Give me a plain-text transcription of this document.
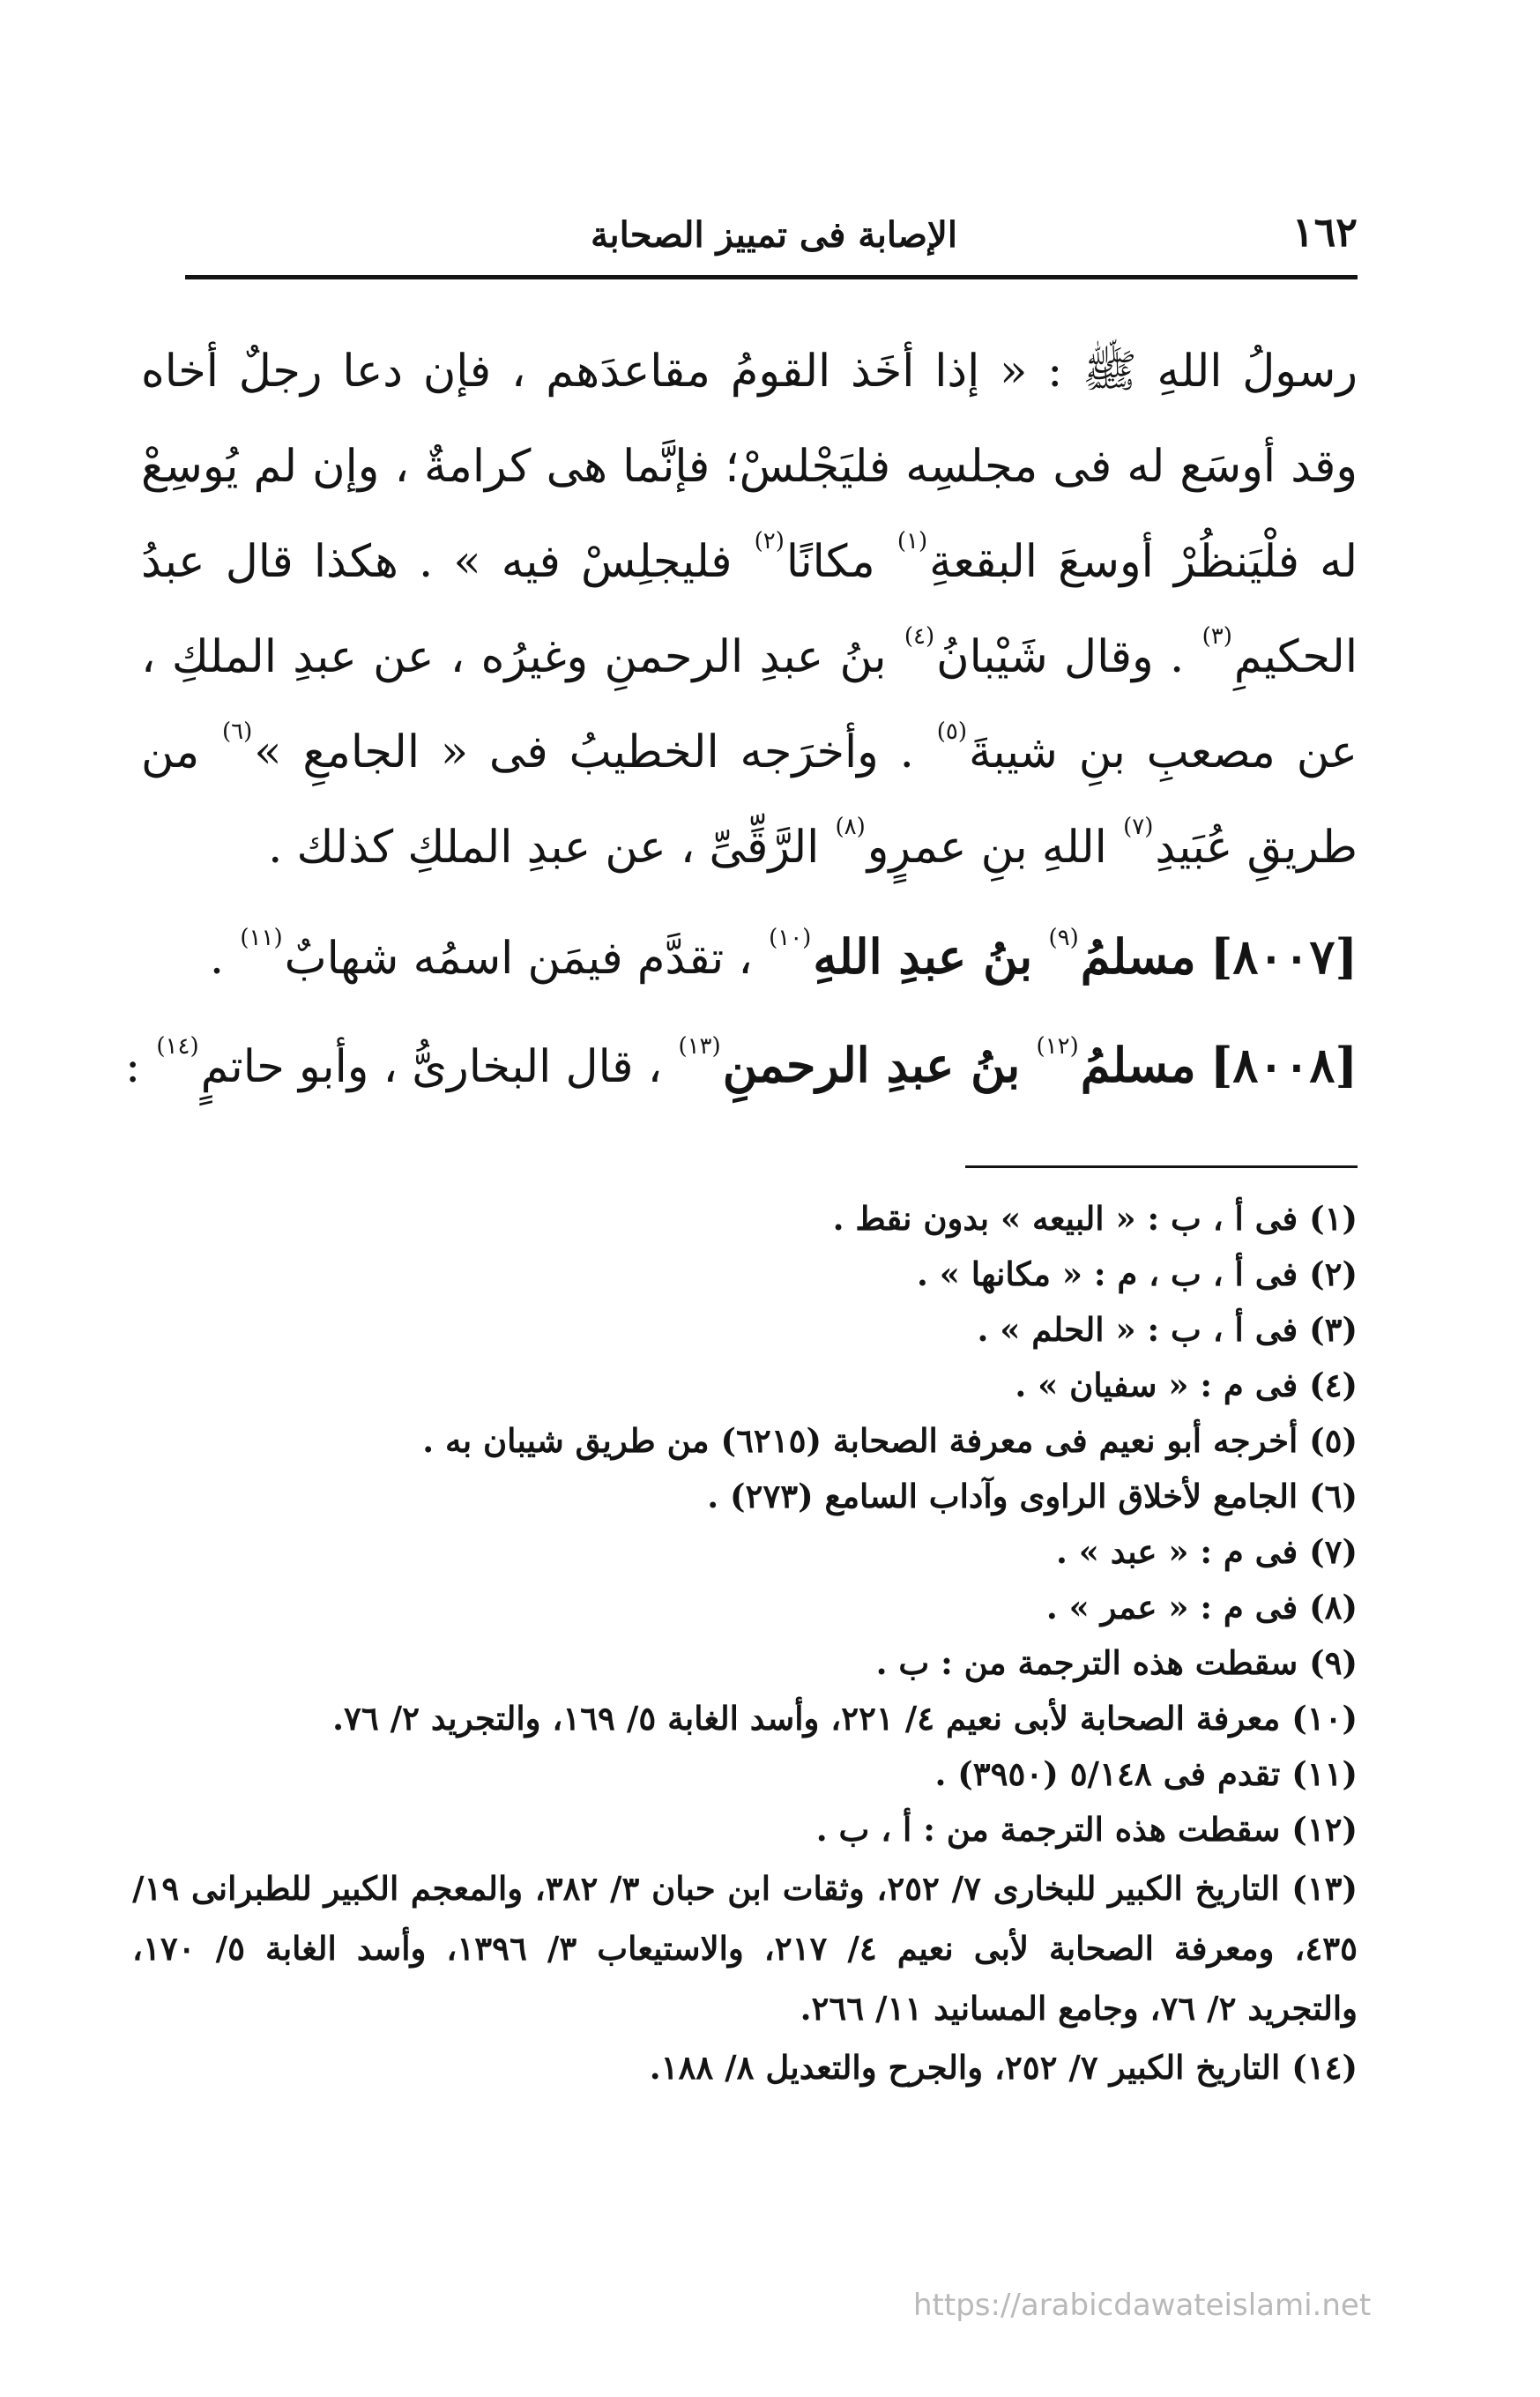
١٦٢
الإصابة فى تمييز الصحابة

رسولُ اللهِ ﷺ : « إذا أخَذ القومُ مقاعدَهم ، فإن دعا رجلٌ أخاه وقد أوسَع له فى مجلسِه فليَجْلسْ؛ فإنَّما هى كرامةٌ ، وإن لم يُوسِعْ له فلْيَنظُرْ أوسعَ البقعةِ$^{(١)}$ مكانًا$^{(٢)}$ فليجلِسْ فيه » . هكذا قال عبدُ الحكيمِ$^{(٣)}$ . وقال شَيْبانُ$^{(٤)}$ بنُ عبدِ الرحمنِ وغيرُه ، عن عبدِ الملكِ ، عن مصعبِ بنِ شيبةَ$^{(٥)}$ . وأخرَجه الخطيبُ فى « الجامعِ »$^{(٦)}$ من طريقِ عُبَيدِ$^{(٧)}$ اللهِ بنِ عمرٍو$^{(٨)}$ الرَّقِّىِّ ، عن عبدِ الملكِ كذلك .

[٨٠٠٧] مسلمُ$^{(٩)}$ بنُ عبدِ اللهِ$^{(١٠)}$ ، تقدَّم فيمَن اسمُه شهابٌ$^{(١١)}$ .
[٨٠٠٨] مسلمُ$^{(١٢)}$ بنُ عبدِ الرحمنِ$^{(١٣)}$ ، قال البخارىُّ ، وأبو حاتمٍ$^{(١٤)}$ :
(١) فى أ ، ب : « البيعه » بدون نقط .
(٢) فى أ ، ب ، م : « مكانها » .
(٣) فى أ ، ب : « الحلم » .
(٤) فى م : « سفيان » .
(٥) أخرجه أبو نعيم فى معرفة الصحابة (٦٢١٥) من طريق شيبان به .
(٦) الجامع لأخلاق الراوى وآداب السامع (٢٧٣) .
(٧) فى م : « عبد » .
(٨) فى م : « عمر » .
(٩) سقطت هذه الترجمة من : ب .
(١٠) معرفة الصحابة لأبى نعيم ٤/ ٢٢١، وأسد الغابة ٥/ ١٦٩، والتجريد ٢/ ٧٦.
(١١) تقدم فى ٥/١٤٨ (٣٩٥٠) .
(١٢) سقطت هذه الترجمة من : أ ، ب .
(١٣) التاريخ الكبير للبخارى ٧/ ٢٥٢، وثقات ابن حبان ٣/ ٣٨٢، والمعجم الكبير للطبرانى ١٩/ ٤٣٥، ومعرفة الصحابة لأبى نعيم ٤/ ٢١٧، والاستيعاب ٣/ ١٣٩٦، وأسد الغابة ٥/ ١٧٠، والتجريد ٢/ ٧٦، وجامع المسانيد ١١/ ٢٦٦.
(١٤) التاريخ الكبير ٧/ ٢٥٢، والجرح والتعديل ٨/ ١٨٨.
https://arabicdawateislami.net
